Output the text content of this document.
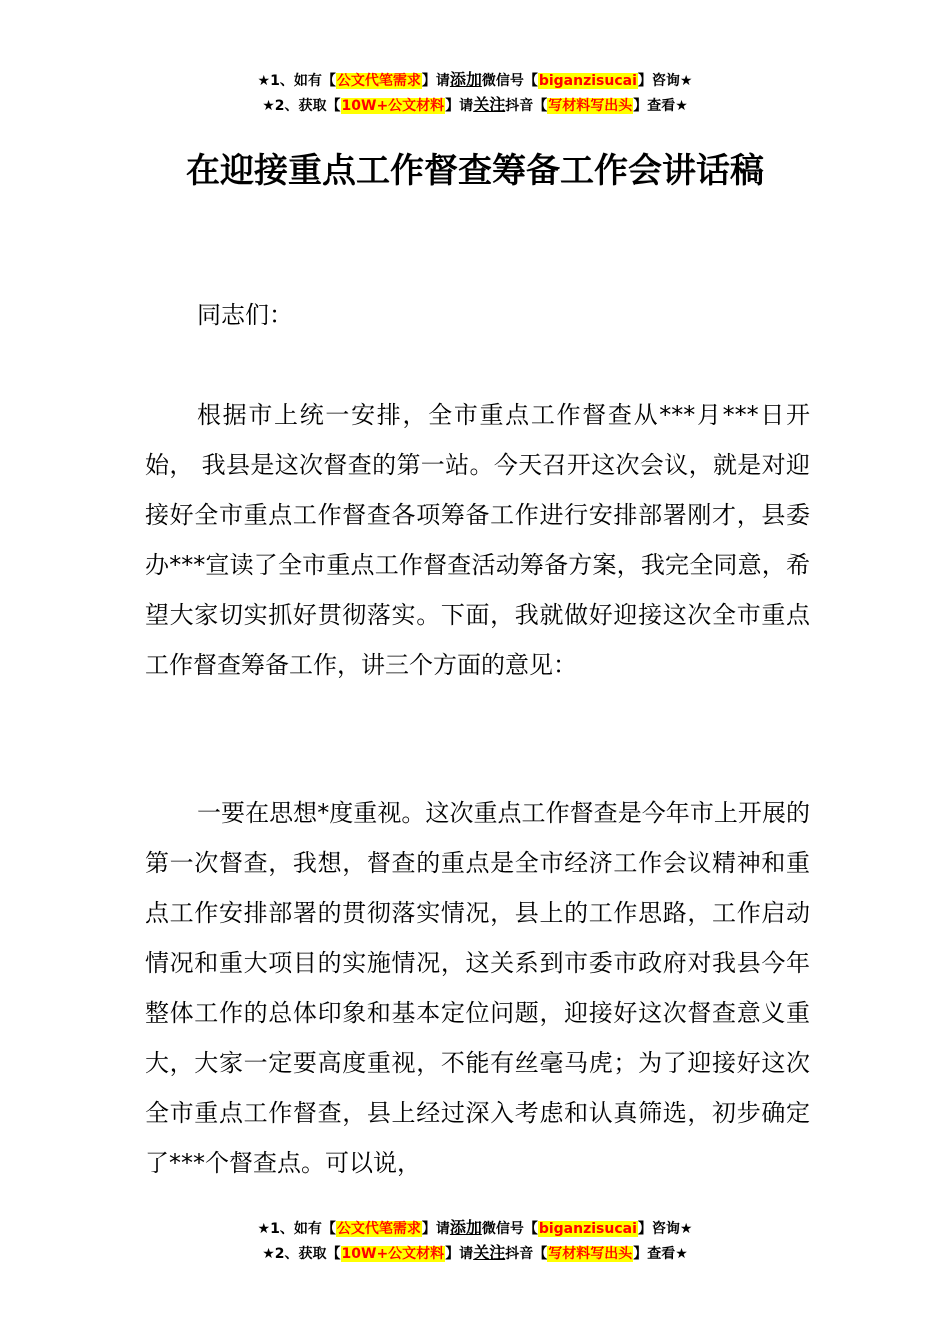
★1、如有【公文代笔需求】请添加微信号【biganzisucai】咨询★
★2、获取【10W+公文材料】请关注抖音【写材料写出头】查看★
在迎接重点工作督查筹备工作会讲话稿

同志们：

根据市上统一安排，全市重点工作督查从***月***日开始， 我县是这次督查的第一站。今天召开这次会议，就是对迎接好全市重点工作督查各项筹备工作进行安排部署刚才，县委办***宣读了全市重点工作督查活动筹备方案，我完全同意，希望大家切实抓好贯彻落实。下面，我就做好迎接这次全市重点工作督查筹备工作，讲三个方面的意见：

一要在思想*度重视。这次重点工作督查是今年市上开展的第一次督查，我想，督查的重点是全市经济工作会议精神和重点工作安排部署的贯彻落实情况，县上的工作思路，工作启动情况和重大项目的实施情况，这关系到市委市政府对我县今年整体工作的总体印象和基本定位问题，迎接好这次督查意义重大，大家一定要高度重视，不能有丝毫马虎；为了迎接好这次全市重点工作督查，县上经过深入考虑和认真筛选，初步确定了***个督查点。可以说，

★1、如有【公文代笔需求】请添加微信号【biganzisucai】咨询★
★2、获取【10W+公文材料】请关注抖音【写材料写出头】查看★
